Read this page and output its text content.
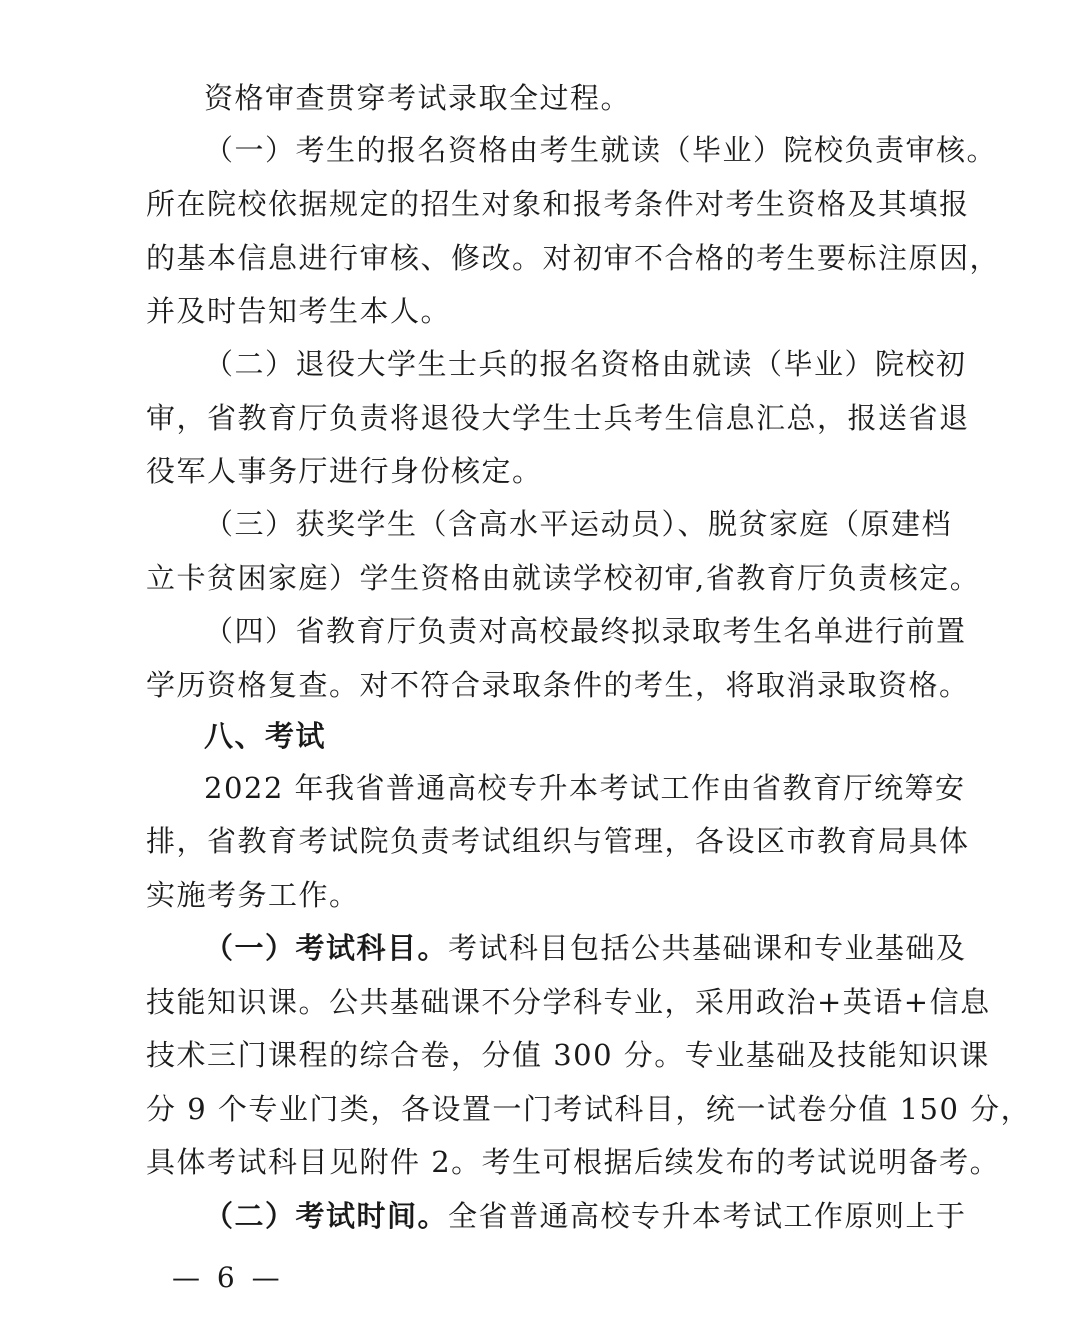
资格审查贯穿考试录取全过程。
（一）考生的报名资格由考生就读（毕业）院校负责审核。
所在院校依据规定的招生对象和报考条件对考生资格及其填报
的基本信息进行审核、修改。对初审不合格的考生要标注原因，
并及时告知考生本人。
（二）退役大学生士兵的报名资格由就读（毕业）院校初
审，省教育厅负责将退役大学生士兵考生信息汇总，报送省退
役军人事务厅进行身份核定。
（三）获奖学生（含高水平运动员）、脱贫家庭（原建档
立卡贫困家庭）学生资格由就读学校初审,省教育厅负责核定。
（四）省教育厅负责对高校最终拟录取考生名单进行前置
学历资格复查。对不符合录取条件的考生，将取消录取资格。
八、考试
2022 年我省普通高校专升本考试工作由省教育厅统筹安
排，省教育考试院负责考试组织与管理，各设区市教育局具体
实施考务工作。
（一）考试科目。考试科目包括公共基础课和专业基础及
技能知识课。公共基础课不分学科专业，采用政治+英语+信息
技术三门课程的综合卷，分值 300 分。专业基础及技能知识课
分 9 个专业门类，各设置一门考试科目，统一试卷分值 150 分，
具体考试科目见附件 2。考生可根据后续发布的考试说明备考。
（二）考试时间。全省普通高校专升本考试工作原则上于
— 6 —
